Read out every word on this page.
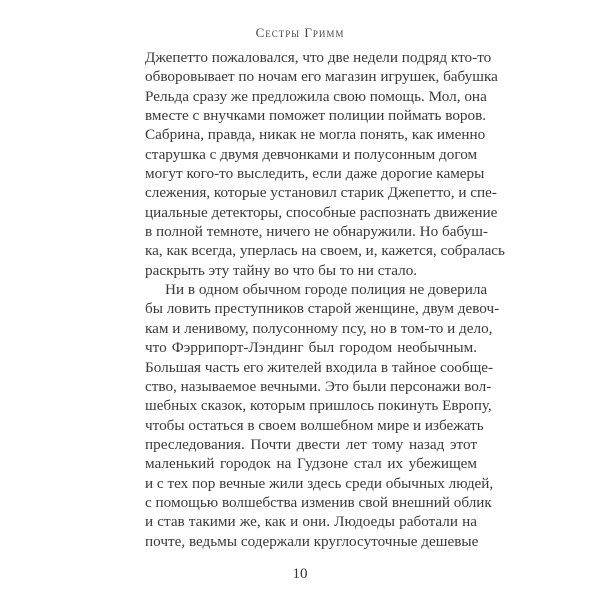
Сестры Гримм
Джепетто пожаловался, что две недели подряд кто-то
обворовывает по ночам его магазин игрушек, бабушка
Рельда сразу же предложила свою помощь. Мол, она
вместе с внучками поможет полиции поймать воров.
Сабрина, правда, никак не могла понять, как именно
старушка с двумя девчонками и полусонным догом
могут кого-то выследить, если даже дорогие камеры
слежения, которые установил старик Джепетто, и спе-
циальные детекторы, способные распознать движение
в полной темноте, ничего не обнаружили. Но бабуш-
ка, как всегда, уперлась на своем, и, кажется, собралась
раскрыть эту тайну во что бы то ни стало.
Ни в одном обычном городе полиция не доверила
бы ловить преступников старой женщине, двум девоч-
кам и ленивому, полусонному псу, но в том-то и дело,
что Фэррипорт-Лэндинг был городом необычным.
Большая часть его жителей входила в тайное сообще-
ство, называемое вечными. Это были персонажи вол-
шебных сказок, которым пришлось покинуть Европу,
чтобы остаться в своем волшебном мире и избежать
преследования. Почти двести лет тому назад этот
маленький городок на Гудзоне стал их убежищем
и с тех пор вечные жили здесь среди обычных людей,
с помощью волшебства изменив свой внешний облик
и став такими же, как и они. Людоеды работали на
почте, ведьмы содержали круглосуточные дешевые
10
